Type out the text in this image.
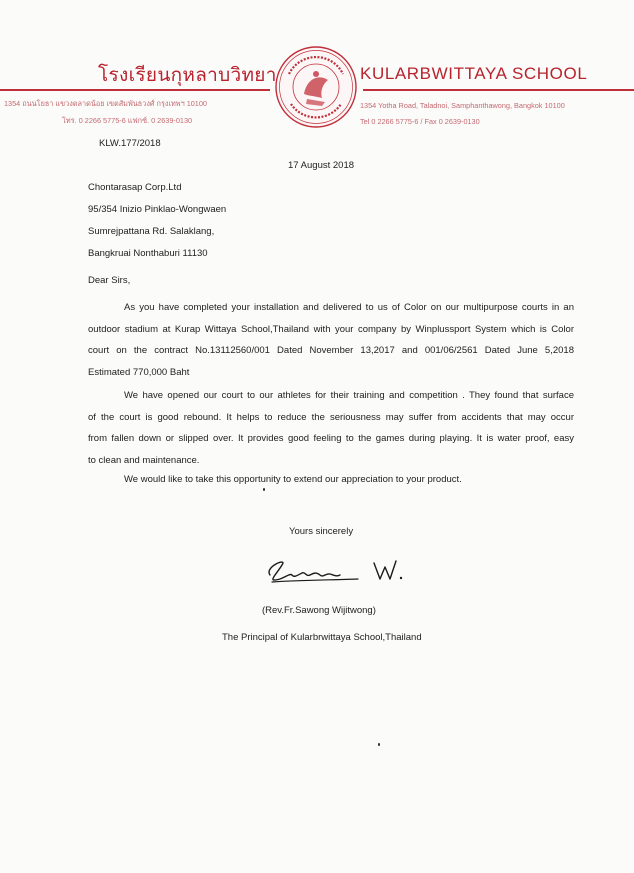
โรงเรียนกุหลาบวิทยา	KULARBWITTAYA SCHOOL
1354 ถนนโยธา แขวงตลาดน้อย เขตสัมพันธวงศ์ กรุงเทพฯ 10100
โทร. 0 2266 5775-6 แฟกซ์. 0 2639-0130
1354 Yotha Road, Taladnoi, Samphanthawong, Bangkok 10100
Tel 0 2266 5775-6 / Fax 0 2639-0130
KLW.177/2018
17 August 2018
Chontarasap Corp.Ltd
95/354 Inizio Pinklao-Wongwaen
Sumrejpattana Rd. Salaklang,
Bangkruai Nonthaburi 11130
Dear Sirs,
As you have completed your installation and delivered to us of Color on our multipurpose courts in an
outdoor stadium at Kurap Wittaya School,Thailand with your company by Winplussport System which is Color
court on the contract No.13112560/001 Dated November 13,2017 and 001/06/2561 Dated June 5,2018
Estimated 770,000 Baht
We have opened our court to our athletes for their training and competition . They found that surface
of the court is good rebound. It helps to reduce the seriousness may suffer from accidents that may occur
from fallen down or slipped over. It provides good feeling to the games during playing. It is water proof, easy
to clean and maintenance.
We would like to take this opportunity to extend our appreciation to your product.
Yours sincerely
(Rev.Fr.Sawong Wijitwong)
The Principal of Kularbrwittaya School,Thailand
